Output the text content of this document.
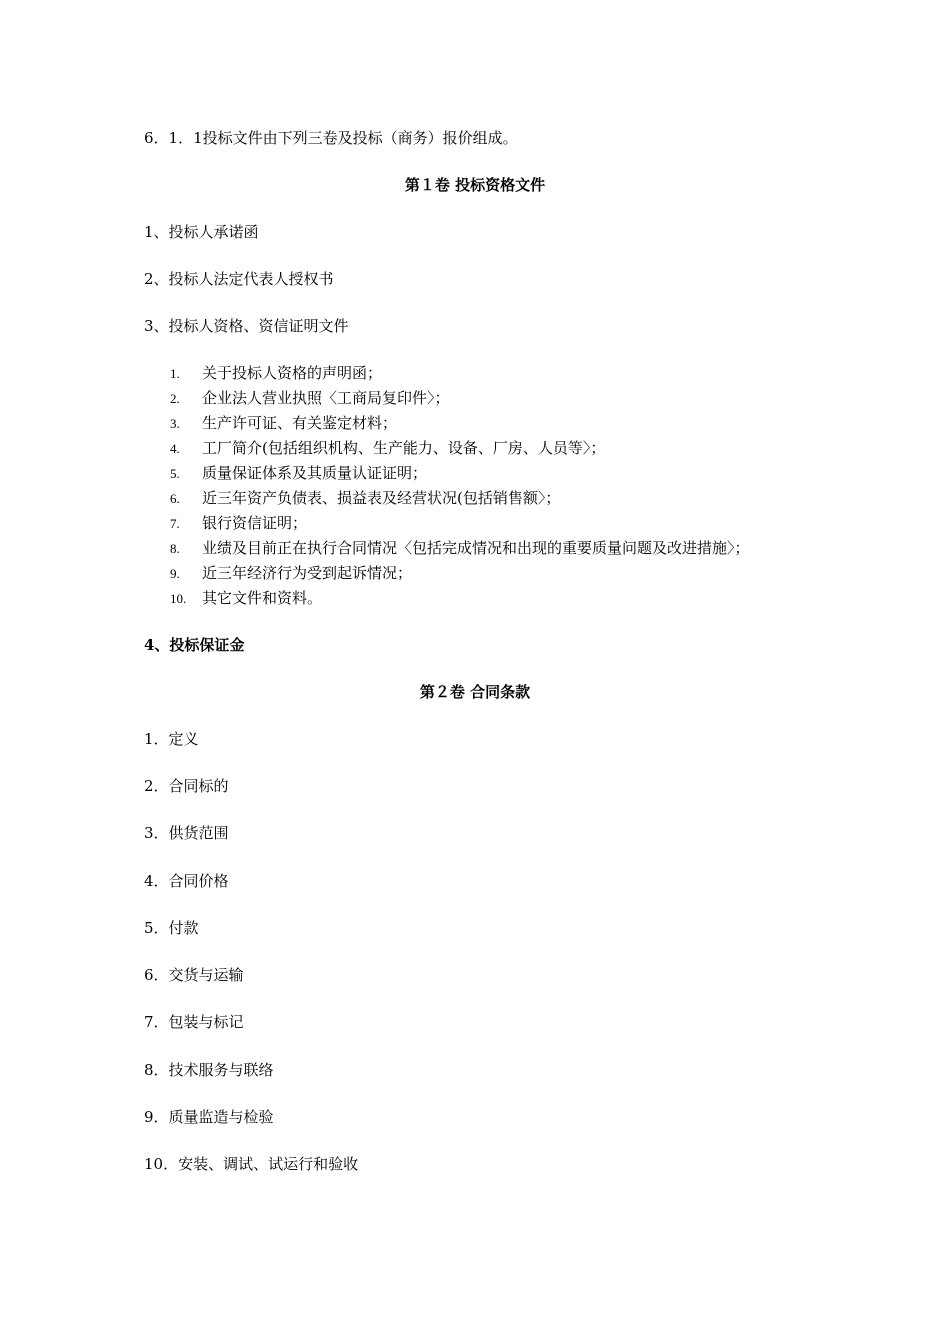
6．1．1投标文件由下列三卷及投标（商务）报价组成。
第１卷 投标资格文件
1、投标人承诺函
2、投标人法定代表人授权书
3、投标人资格、资信证明文件
1. 关于投标人资格的声明函；
2. 企业法人营业执照〈工商局复印件〉；
3. 生产许可证、有关鉴定材料；
4. 工厂简介(包括组织机构、生产能力、设备、厂房、人员等〉；
5. 质量保证体系及其质量认证证明；
6. 近三年资产负债表、损益表及经营状况(包括销售额〉；
7. 银行资信证明；
8. 业绩及目前正在执行合同情况〈包括完成情况和出现的重要质量问题及改进措施〉；
9. 近三年经济行为受到起诉情况；
10. 其它文件和资料。
4、投标保证金
第２卷 合同条款
1．定义
2．合同标的
3．供货范围
4．合同价格
5．付款
6．交货与运输
7．包装与标记
8．技术服务与联络
9．质量监造与检验
10．安装、调试、试运行和验收
